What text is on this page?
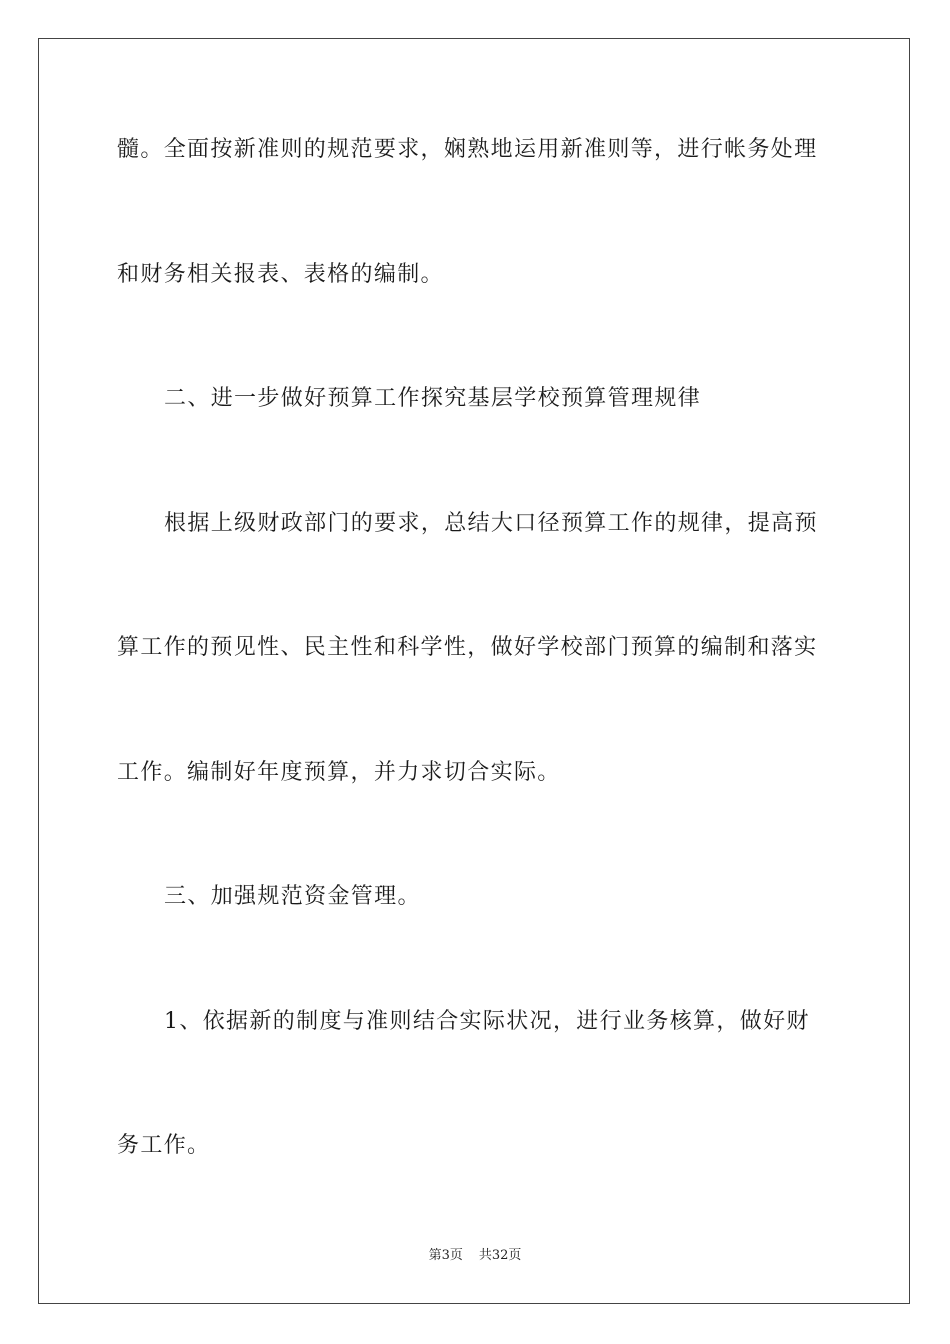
髓。全面按新准则的规范要求，娴熟地运用新准则等，进行帐务处理
和财务相关报表、表格的编制。
二、进一步做好预算工作探究基层学校预算管理规律
根据上级财政部门的要求，总结大口径预算工作的规律，提高预
算工作的预见性、民主性和科学性，做好学校部门预算的编制和落实
工作。编制好年度预算，并力求切合实际。
三、加强规范资金管理。
1、依据新的制度与准则结合实际状况，进行业务核算，做好财
务工作。
第3页 共32页
